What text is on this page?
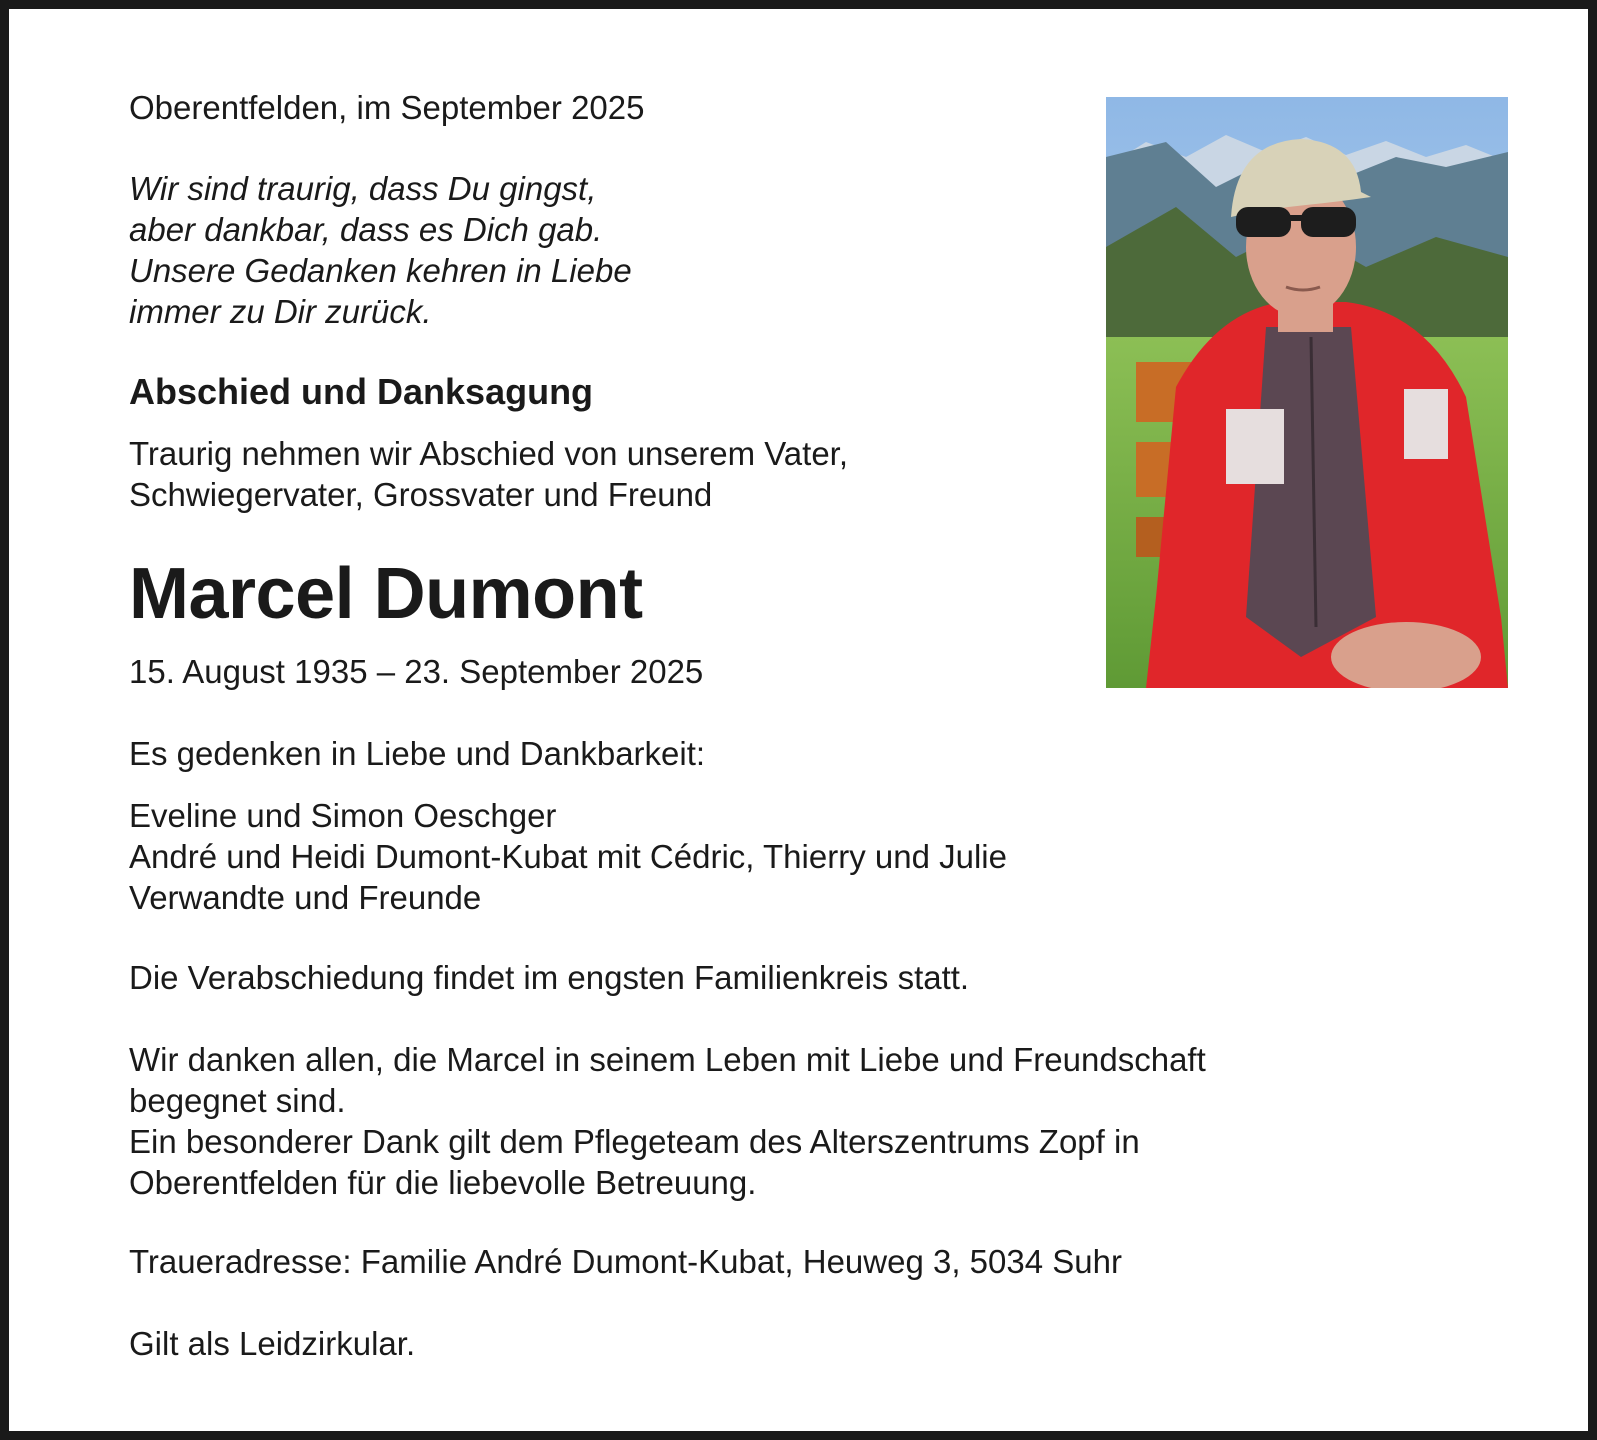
Oberentfelden, im September 2025
Wir sind traurig, dass Du gingst,
aber dankbar, dass es Dich gab.
Unsere Gedanken kehren in Liebe
immer zu Dir zurück.
Abschied und Danksagung
Traurig nehmen wir Abschied von unserem Vater,
Schwiegervater, Grossvater und Freund
Marcel Dumont
15. August 1935 – 23. September 2025
Es gedenken in Liebe und Dankbarkeit:
Eveline und Simon Oeschger
André und Heidi Dumont-Kubat mit Cédric, Thierry und Julie
Verwandte und Freunde
Die Verabschiedung findet im engsten Familienkreis statt.
Wir danken allen, die Marcel in seinem Leben mit Liebe und Freundschaft
begegnet sind.
Ein besonderer Dank gilt dem Pflegeteam des Alterszentrums Zopf in
Oberentfelden für die liebevolle Betreuung.
Traueradresse: Familie André Dumont-Kubat, Heuweg 3, 5034 Suhr
Gilt als Leidzirkular.
